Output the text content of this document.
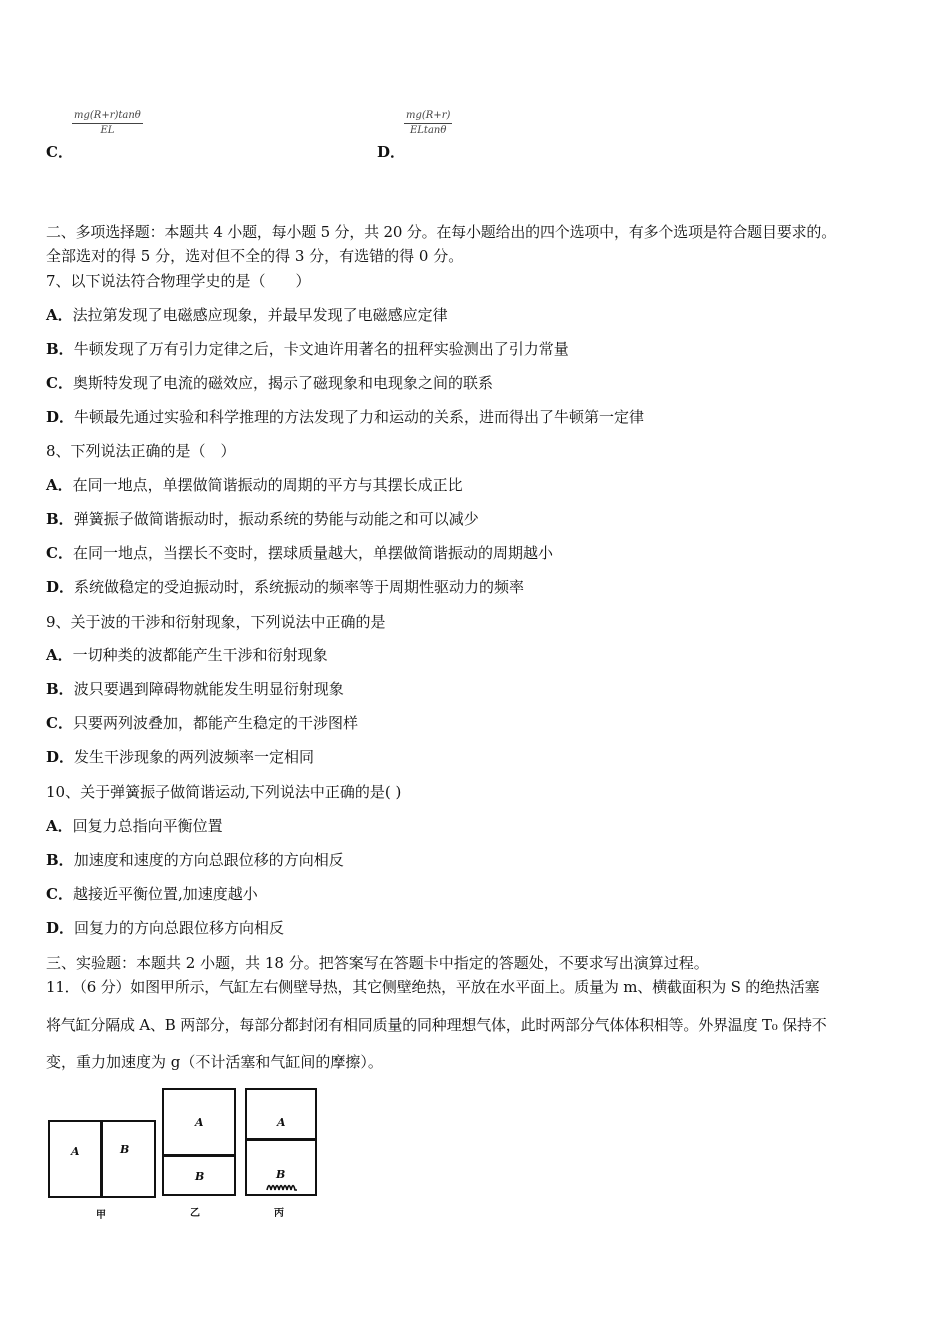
$\frac{mg(R+r)\tan\theta}{EL}$
C．
$\frac{mg(R+r)}{ELtan\theta}$
D．
二、多项选择题：本题共 4 小题，每小题 5 分，共 20 分。在每小题给出的四个选项中，有多个选项是符合题目要求的。
全部选对的得 5 分，选对但不全的得 3 分，有选错的得 0 分。
7、以下说法符合物理学史的是（　　）
A．法拉第发现了电磁感应现象，并最早发现了电磁感应定律
B．牛顿发现了万有引力定律之后，卡文迪许用著名的扭秤实验测出了引力常量
C．奥斯特发现了电流的磁效应，揭示了磁现象和电现象之间的联系
D．牛顿最先通过实验和科学推理的方法发现了力和运动的关系，进而得出了牛顿第一定律
8、下列说法正确的是（　）
A．在同一地点，单摆做简谐振动的周期的平方与其摆长成正比
B．弹簧振子做简谐振动时，振动系统的势能与动能之和可以减少
C．在同一地点，当摆长不变时，摆球质量越大，单摆做简谐振动的周期越小
D．系统做稳定的受迫振动时，系统振动的频率等于周期性驱动力的频率
9、关于波的干涉和衍射现象，下列说法中正确的是
A．一切种类的波都能产生干涉和衍射现象
B．波只要遇到障碍物就能发生明显衍射现象
C．只要两列波叠加，都能产生稳定的干涉图样
D．发生干涉现象的两列波频率一定相同
10、关于弹簧振子做简谐运动,下列说法中正确的是( )
A．回复力总指向平衡位置
B．加速度和速度的方向总跟位移的方向相反
C．越接近平衡位置,加速度越小
D．回复力的方向总跟位移方向相反
三、实验题：本题共 2 小题，共 18 分。把答案写在答题卡中指定的答题处，不要求写出演算过程。
11．（6 分）如图甲所示，气缸左右侧壁导热，其它侧壁绝热，平放在水平面上。质量为 m、横截面积为 S 的绝热活塞
将气缸分隔成 A、B 两部分，每部分都封闭有相同质量的同种理想气体，此时两部分气体体积相等。外界温度 T₀ 保持不
变，重力加速度为 g（不计活塞和气缸间的摩擦）。
A	B
甲
A
B
乙
A
B
丙
